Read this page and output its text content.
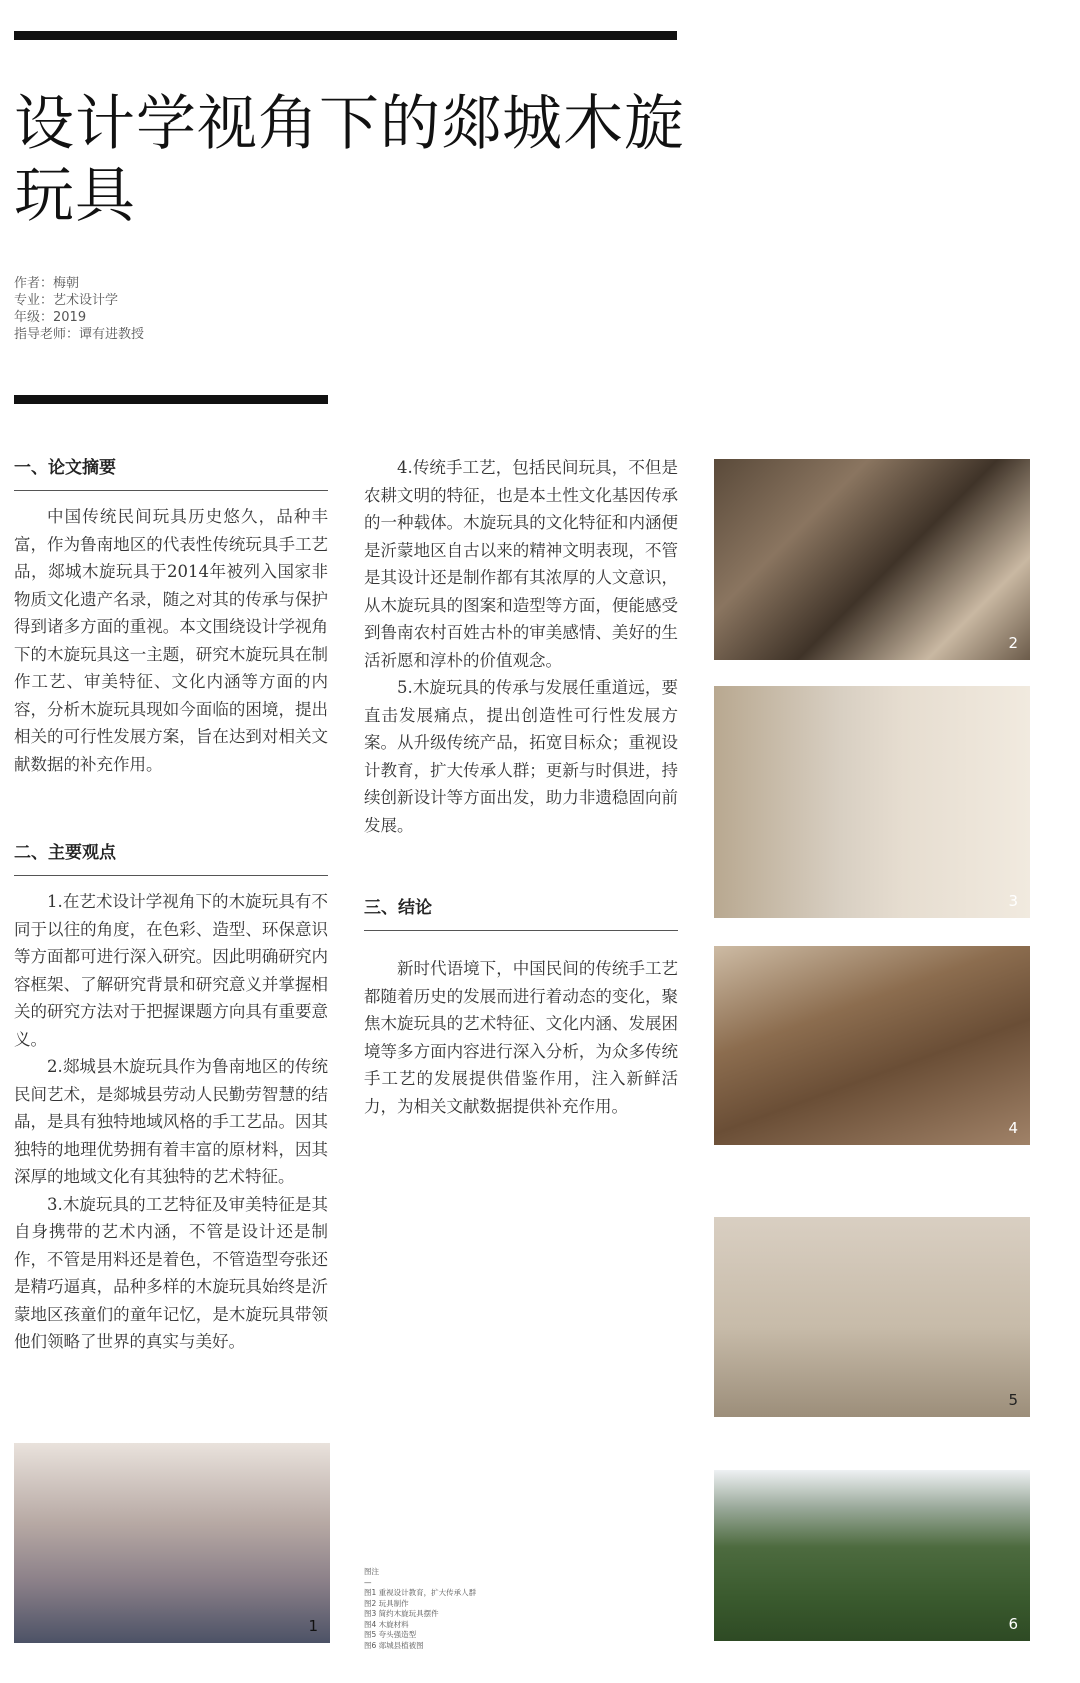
设计学视角下的郯城木旋玩具
作者：梅朝
专业：艺术设计学
年级：2019
指导老师：谭有进教授
一、论文摘要
二、主要观点
三、结论

中国传统民间玩具历史悠久，品种丰富，作为鲁南地区的代表性传统玩具手工艺品，郯城木旋玩具于2014年被列入国家非物质文化遗产名录，随之对其的传承与保护得到诸多方面的重视。本文围绕设计学视角下的木旋玩具这一主题，研究木旋玩具在制作工艺、审美特征、文化内涵等方面的内容，分析木旋玩具现如今面临的困境，提出相关的可行性发展方案，旨在达到对相关文献数据的补充作用。

1.在艺术设计学视角下的木旋玩具有不同于以往的角度，在色彩、造型、环保意识等方面都可进行深入研究。因此明确研究内容框架、了解研究背景和研究意义并掌握相关的研究方法对于把握课题方向具有重要意义。

2.郯城县木旋玩具作为鲁南地区的传统民间艺术，是郯城县劳动人民勤劳智慧的结晶，是具有独特地域风格的手工艺品。因其独特的地理优势拥有着丰富的原材料，因其深厚的地域文化有其独特的艺术特征。

3.木旋玩具的工艺特征及审美特征是其自身携带的艺术内涵，不管是设计还是制作，不管是用料还是着色，不管造型夸张还是精巧逼真，品种多样的木旋玩具始终是沂蒙地区孩童们的童年记忆，是木旋玩具带领他们领略了世界的真实与美好。

4.传统手工艺，包括民间玩具，不但是农耕文明的特征，也是本土性文化基因传承的一种载体。木旋玩具的文化特征和内涵便是沂蒙地区自古以来的精神文明表现，不管是其设计还是制作都有其浓厚的人文意识，从木旋玩具的图案和造型等方面，便能感受到鲁南农村百姓古朴的审美感情、美好的生活祈愿和淳朴的价值观念。

5.木旋玩具的传承与发展任重道远，要直击发展痛点，提出创造性可行性发展方案。从升级传统产品，拓宽目标众；重视设计教育，扩大传承人群；更新与时俱进，持续创新设计等方面出发，助力非遗稳固向前发展。

新时代语境下，中国民间的传统手工艺都随着历史的发展而进行着动态的变化，聚焦木旋玩具的艺术特征、文化内涵、发展困境等多方面内容进行深入分析，为众多传统手工艺的发展提供借鉴作用，注入新鲜活力，为相关文献数据提供补充作用。

2
3
4
5
1	6
图注
—
图1 重视设计教育，扩大传承人群
图2 玩具制作
图3 简约木旋玩具摆件
图4 木旋材料
图5 夸头强造型
图6 郯城县植被图
